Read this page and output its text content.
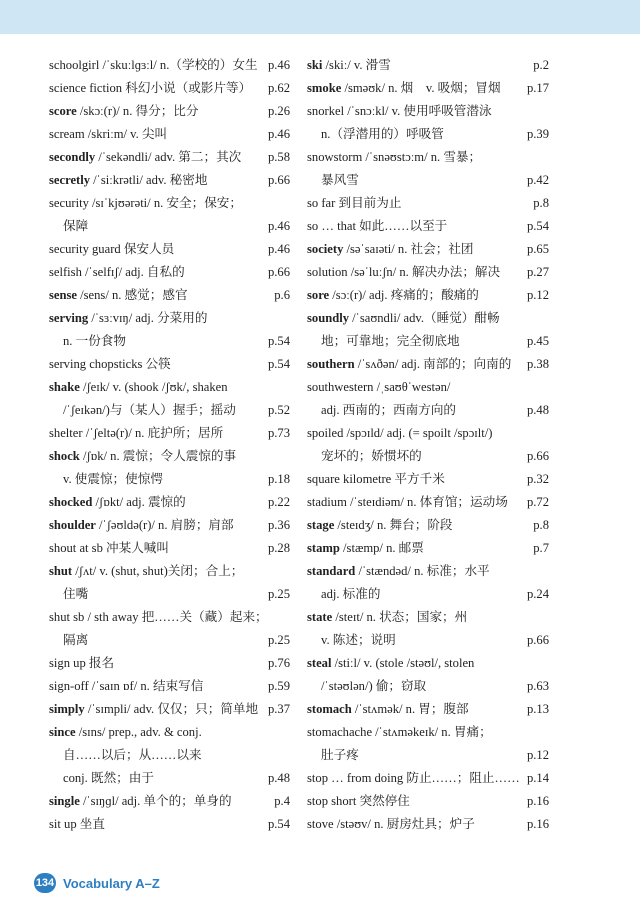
schoolgirl /ˈskuːlɡɜːl/ n.（学校的）女生 p.46
science fiction 科幻小说（或影片等）	p.62
score /skɔː(r)/ n. 得分；比分	p.26
scream /skriːm/ v. 尖叫	p.46
secondly /ˈsekəndli/ adv. 第二；其次	p.58
secretly /ˈsiːkrətli/ adv. 秘密地	p.66
security /sɪˈkjʊərəti/ n. 安全；保安；
保障	p.46
security guard 保安人员	p.46
selfish /ˈselfɪʃ/ adj. 自私的	p.66
sense /sens/ n. 感觉；感官	p.6
serving /ˈsɜːvɪŋ/ adj. 分菜用的
n. 一份食物	p.54
serving chopsticks 公筷	p.54
shake /ʃeɪk/ v. (shook /ʃʊk/, shaken
/ˈʃeɪkən/)与（某人）握手；摇动	p.52
shelter /ˈʃeltə(r)/ n. 庇护所；居所	p.73
shock /ʃɒk/ n. 震惊；令人震惊的事
v. 使震惊；使惊愕	p.18
shocked /ʃɒkt/ adj. 震惊的	p.22
shoulder /ˈʃəʊldə(r)/ n. 肩膀；肩部	p.36
shout at sb 冲某人喊叫	p.28
shut /ʃʌt/ v. (shut, shut)关闭；合上；
住嘴	p.25
shut sb / sth away 把……关（藏）起来；
隔离	p.25
sign up 报名	p.76
sign-off /ˈsaɪn ɒf/ n. 结束写信	p.59
simply /ˈsɪmpli/ adv. 仅仅；只；简单地 p.37
since /sɪns/ prep., adv. & conj.
自……以后；从……以来
conj. 既然；由于	p.48
single /ˈsɪŋɡl/ adj. 单个的；单身的	p.4
sit up 坐直	p.54
ski /skiː/ v. 滑雪	p.2
smoke /sməʊk/ n. 烟　v. 吸烟；冒烟	p.17
snorkel /ˈsnɔːkl/ v. 使用呼吸管潜泳
n.（浮潜用的）呼吸管	p.39
snowstorm /ˈsnəʊstɔːm/ n. 雪暴；
暴风雪	p.42
so far 到目前为止	p.8
so … that 如此……以至于	p.54
society /səˈsaɪəti/ n. 社会；社团	p.65
solution /səˈluːʃn/ n. 解决办法；解决	p.27
sore /sɔː(r)/ adj. 疼痛的；酸痛的	p.12
soundly /ˈsaʊndli/ adv.（睡觉）酣畅
地；可靠地；完全彻底地	p.45
southern /ˈsʌðən/ adj. 南部的；向南的	p.38
southwestern /ˌsaʊθˈwestən/
adj. 西南的；西南方向的	p.48
spoiled /spɔɪld/ adj. (= spoilt /spɔɪlt/)
宠坏的；娇惯坏的	p.66
square kilometre 平方千米	p.32
stadium /ˈsteɪdiəm/ n. 体育馆；运动场	p.72
stage /steɪdʒ/ n. 舞台；阶段	p.8
stamp /stæmp/ n. 邮票	p.7
standard /ˈstændəd/ n. 标准；水平
adj. 标准的	p.24
state /steɪt/ n. 状态；国家；州
v. 陈述；说明	p.66
steal /stiːl/ v. (stole /stəʊl/, stolen
/ˈstəʊlən/) 偷；窃取	p.63
stomach /ˈstʌmək/ n. 胃；腹部	p.13
stomachache /ˈstʌməkeɪk/ n. 胃痛；
肚子疼	p.12
stop … from doing 防止……；阻止…… p.14
stop short 突然停住	p.16
stove /stəʊv/ n. 厨房灶具；炉子	p.16
134 Vocabulary A–Z
